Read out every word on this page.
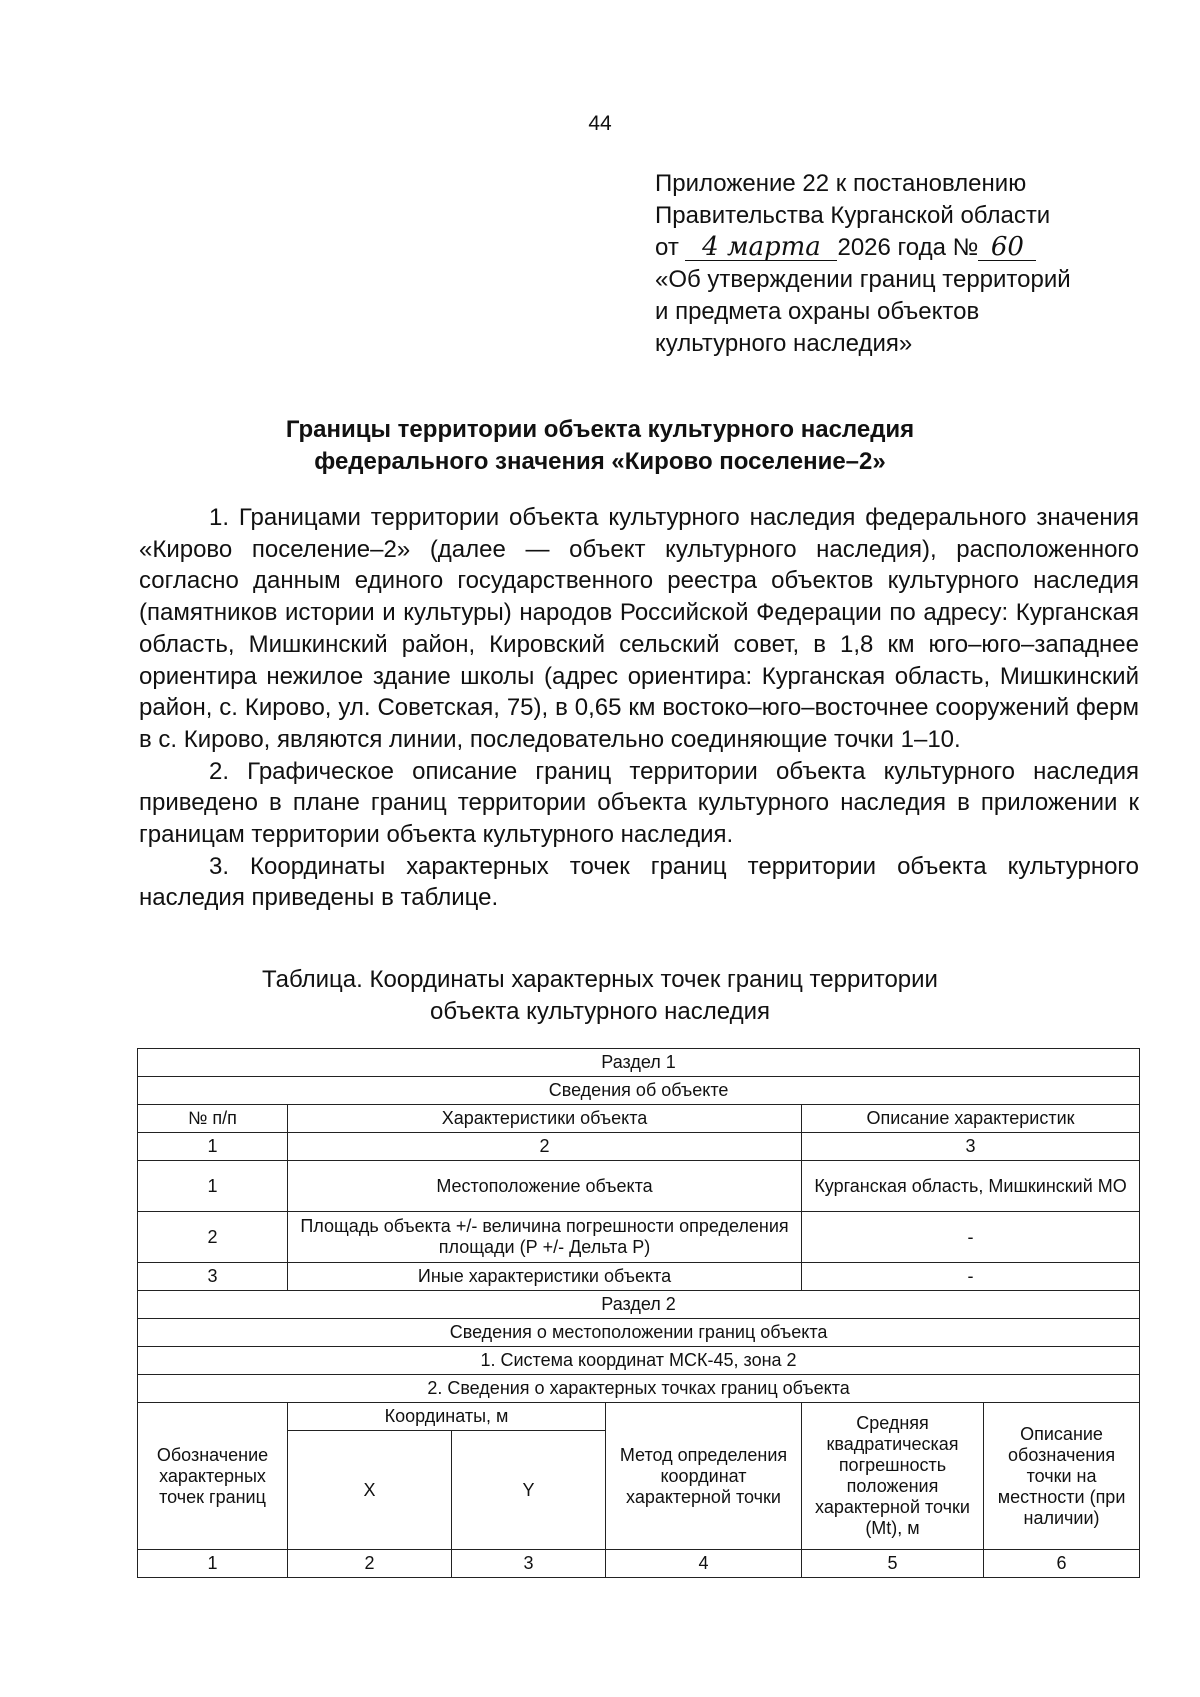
44
Приложение 22 к постановлению
Правительства Курганской области
от 4 марта 2026 года № 60
«Об утверждении границ территорий
и предмета охраны объектов
культурного наследия»
Границы территории объекта культурного наследия
федерального значения «Кирово поселение–2»

1. Границами территории объекта культурного наследия федерального значения «Кирово поселение–2» (далее — объект культурного наследия), расположенного согласно данным единого государственного реестра объектов культурного наследия (памятников истории и культуры) народов Российской Федерации по адресу: Курганская область, Мишкинский район, Кировский сельский совет, в 1,8 км юго–юго–западнее ориентира нежилое здание школы (адрес ориентира: Курганская область, Мишкинский район, с. Кирово, ул. Советская, 75), в 0,65 км востоко–юго–восточнее сооружений ферм в с. Кирово, являются линии, последовательно соединяющие точки 1–10.

2. Графическое описание границ территории объекта культурного наследия приведено в плане границ территории объекта культурного наследия в приложении к границам территории объекта культурного наследия.

3. Координаты характерных точек границ территории объекта культурного наследия приведены в таблице.

Таблица. Координаты характерных точек границ территории
объекта культурного наследия
Раздел 1					
Сведения об объекте					
№ п/п	Характеристики объекта			Описание характеристик	
1	2			3	
1	Местоположение объекта			Курганская область, Мишкинский МО	
2	Площадь объекта +/- величина погрешности определения площади (Р +/- Дельта Р)			-	
3	Иные характеристики объекта			-	
Раздел 2					
Сведения о местоположении границ объекта					
1. Система координат МСК-45, зона 2					
2. Сведения о характерных точках границ объекта					
Обозначение характерных точек границ	Координаты, м		Метод определения координат характерной точки	Средняя квадратическая погрешность положения характерной точки (Mt), м	Описание обозначения точки на местности (при наличии)
	X	Y			
1	2	3	4	5	6
